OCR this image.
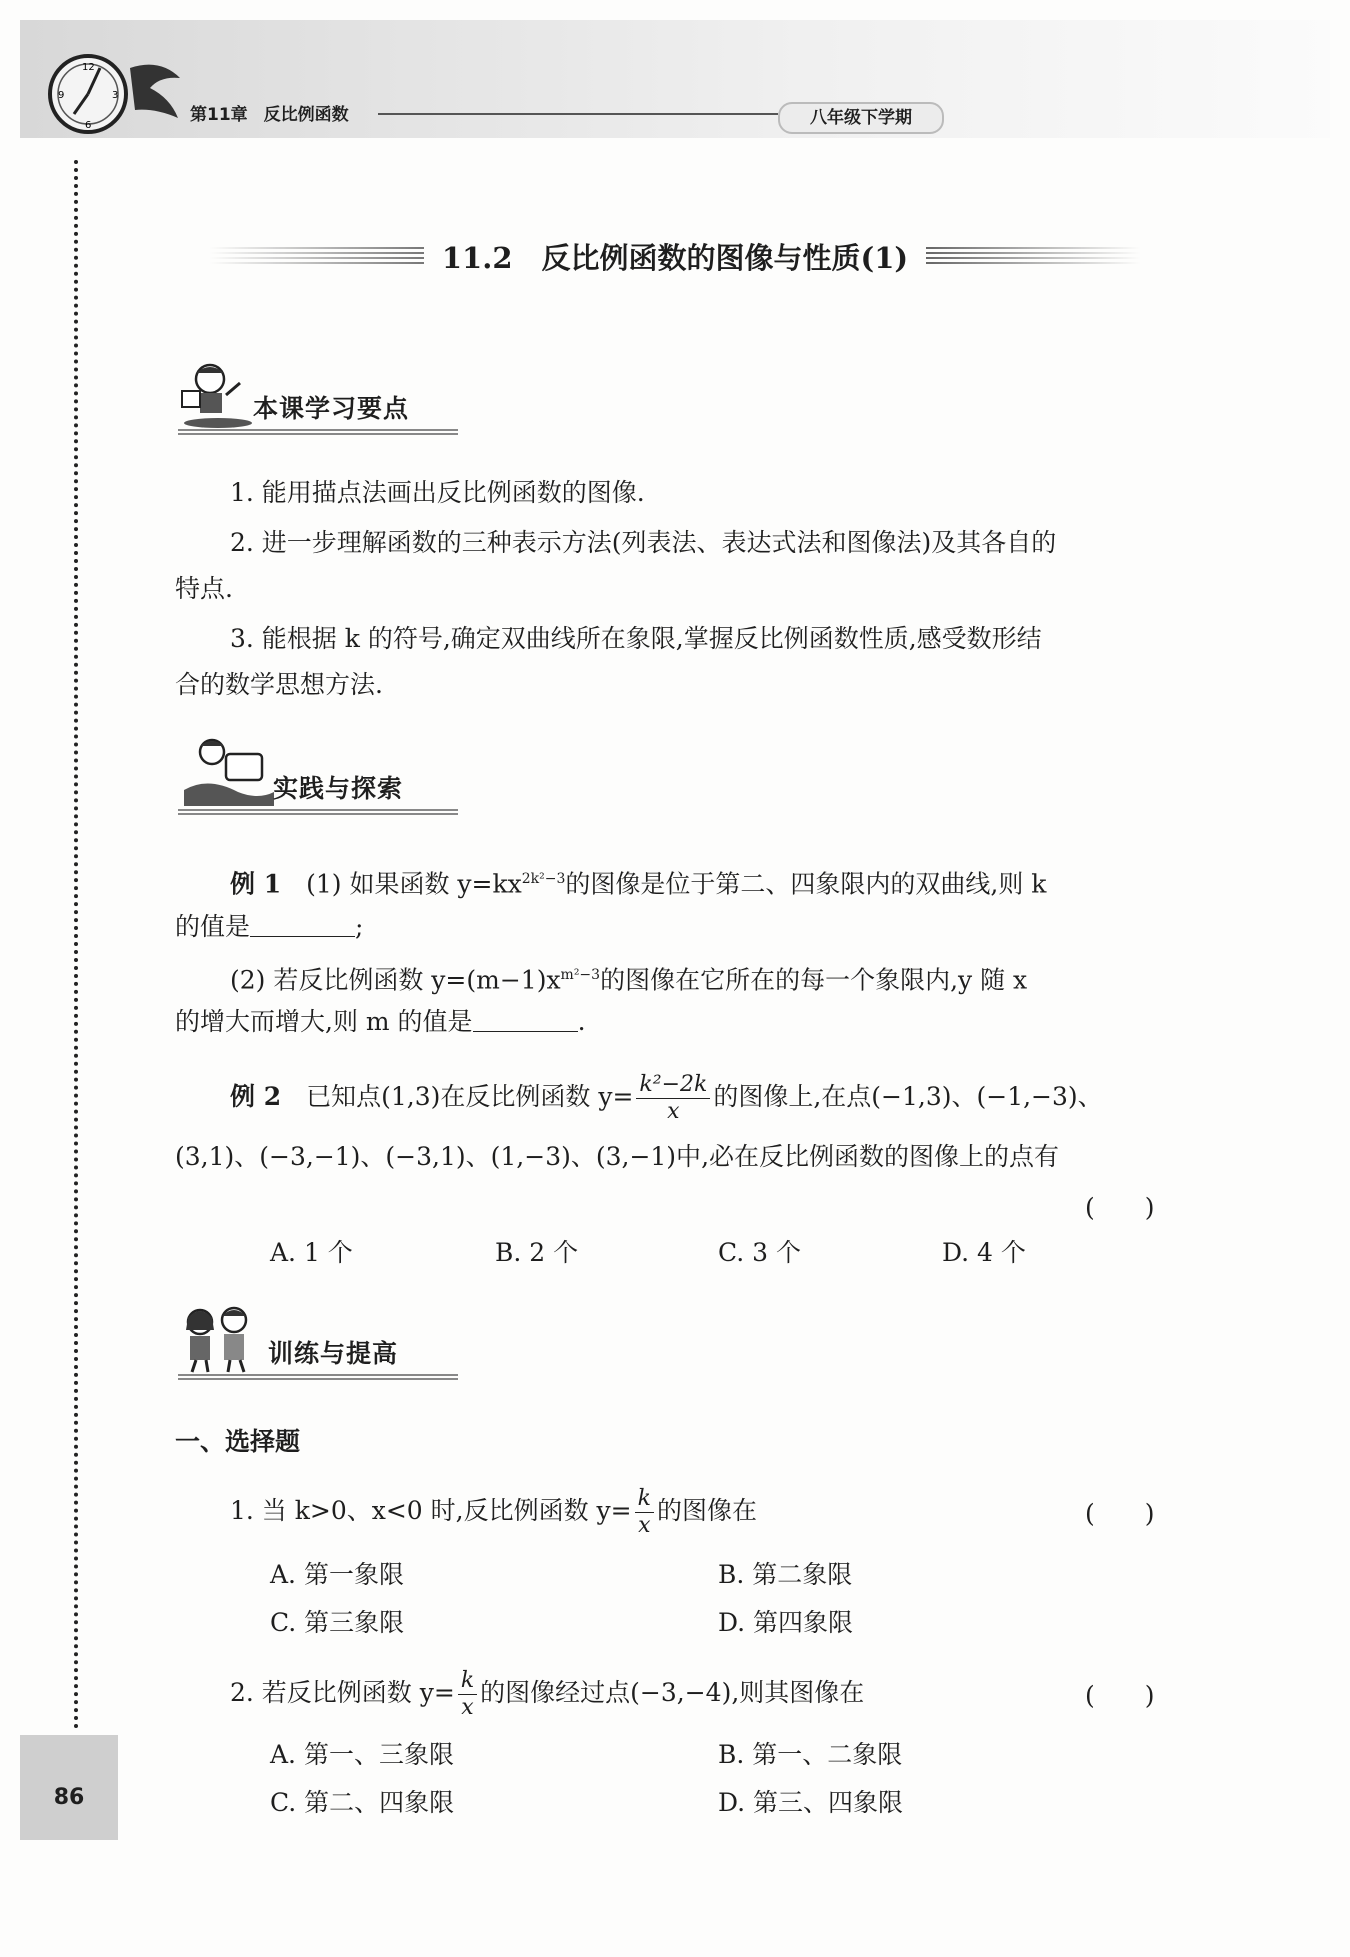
12
3
6
9
第11章 反比例函数	八年级下学期
86
11.2　反比例函数的图像与性质(1)
本课学习要点
1. 能用描点法画出反比例函数的图像.
2. 进一步理解函数的三种表示方法(列表法、表达式法和图像法)及其各自的
特点.
3. 能根据 k 的符号,确定双曲线所在象限,掌握反比例函数性质,感受数形结
合的数学思想方法.
实践与探索
例 1　 (1) 如果函数 $y=kx^{2k^2-3}$的图像是位于第二、四象限内的双曲线,则 k
的值是	;
(2) 若反比例函数 $y=(m-1)x^{m^2-3}$的图像在它所在的每一个象限内,y 随 x
的增大而增大,则 m 的值是	.
例 2　 已知点(1,3)在反比例函数 $y= \frac{\text{k²−2k}}{x}$ 的图像上,在点(−1,3)、(−1,−3)、
(3,1)、(−3,−1)、(−3,1)、(1,−3)、(3,−1)中,必在反比例函数的图像上的点有
(　　)
A. 1 个	B. 2 个	C. 3 个	D. 4 个
训练与提高
一、选择题
1. 当 k>0、x<0 时,反比例函数 $y= \frac{k}{x}$ 的图像在	(　　)
A. 第一象限	B. 第二象限
C. 第三象限	D. 第四象限
2. 若反比例函数 $y= \frac{k}{x}$ 的图像经过点(−3,−4),则其图像在	(　　)
A. 第一、三象限	B. 第一、二象限
C. 第二、四象限	D. 第三、四象限
